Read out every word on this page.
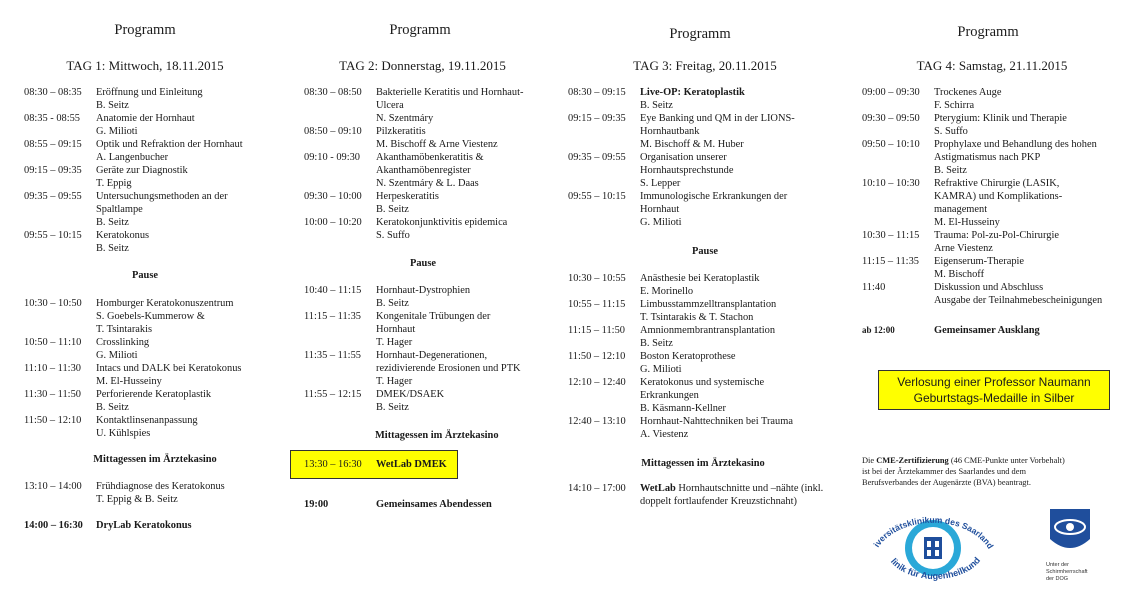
Programm
TAG 1: Mittwoch, 18.11.2015
08:30 – 08:35	Eröffnung und Einleitung
B. Seitz
08:35 - 08:55	Anatomie der Hornhaut
G. Milioti
08:55 – 09:15	Optik und Refraktion der Hornhaut
A. Langenbucher
09:15 – 09:35	Geräte zur Diagnostik
T. Eppig
09:35 – 09:55	Untersuchungsmethoden an der
Spaltlampe
B. Seitz
09:55 – 10:15	Keratokonus
B. Seitz
Pause
10:30 – 10:50	Homburger Keratokonuszentrum
S. Goebels-Kummerow &
T. Tsintarakis
10:50 – 11:10	Crosslinking
G. Milioti
11:10 – 11:30	Intacs und DALK bei Keratokonus
M. El-Husseiny
11:30 – 11:50	Perforierende Keratoplastik
B. Seitz
11:50 – 12:10	Kontaktlinsenanpassung
U. Kühlspies
Mittagessen im Ärztekasino
13:10 – 14:00	Frühdiagnose des Keratokonus
T. Eppig & B. Seitz
14:00 – 16:30	DryLab Keratokonus
Programm
TAG 2: Donnerstag, 19.11.2015
08:30 – 08:50	Bakterielle Keratitis und Hornhaut-
Ulcera
N. Szentmáry
08:50 – 09:10	Pilzkeratitis
M. Bischoff & Arne Viestenz
09:10 - 09:30	Akanthamöbenkeratitis &
Akanthamöbenregister
N. Szentmáry & L. Daas
09:30 – 10:00	Herpeskeratitis
B. Seitz
10:00 – 10:20	Keratokonjunktivitis epidemica
S. Suffo
Pause
10:40 – 11:15	Hornhaut-Dystrophien
B. Seitz
11:15 – 11:35	Kongenitale Trübungen der
Hornhaut
T. Hager
11:35 – 11:55	Hornhaut-Degenerationen,
rezidivierende Erosionen und PTK
T. Hager
11:55 – 12:15	DMEK/DSAEK
B. Seitz
Mittagessen im Ärztekasino
13:30 – 16:30	WetLab DMEK
19:00	Gemeinsames Abendessen
Programm
TAG 3: Freitag, 20.11.2015
08:30 – 09:15	Live-OP: Keratoplastik
B. Seitz
09:15 – 09:35	Eye Banking und QM in der LIONS-
Hornhautbank
M. Bischoff & M. Huber
09:35 – 09:55	Organisation unserer
Hornhautsprechstunde
S. Lepper
09:55 – 10:15	Immunologische Erkrankungen der
Hornhaut
G. Milioti
Pause
10:30 – 10:55	Anästhesie bei Keratoplastik
E. Morinello
10:55 – 11:15	Limbusstammzelltransplantation
T. Tsintarakis & T. Stachon
11:15 – 11:50	Amnionmembrantransplantation
B. Seitz
11:50 – 12:10	Boston Keratoprothese
G. Milioti
12:10 – 12:40	Keratokonus und systemische
Erkrankungen
B. Käsmann-Kellner
12:40 – 13:10	Hornhaut-Nahttechniken bei Trauma
A. Viestenz
Mittagessen im Ärztekasino
14:10 – 17:00	WetLab Hornhautschnitte und –nähte (inkl.
doppelt fortlaufender Kreuzstichnaht)
Programm
TAG 4: Samstag, 21.11.2015
09:00 – 09:30	Trockenes Auge
F. Schirra
09:30 – 09:50	Pterygium: Klinik und Therapie
S. Suffo
09:50 – 10:10	Prophylaxe und Behandlung des hohen
Astigmatismus nach PKP
B. Seitz
10:10 – 10:30	Refraktive Chirurgie (LASIK,
KAMRA) und Komplikations-
management
M. El-Husseiny
10:30 – 11:15	Trauma: Pol-zu-Pol-Chirurgie
Arne Viestenz
11:15 – 11:35	Eigenserum-Therapie
M. Bischoff
11:40	Diskussion und Abschluss
Ausgabe der Teilnahmebescheinigungen
ab 12:00	Gemeinsamer Ausklang
Verlosung einer Professor Naumann
Geburtstags-Medaille in Silber
Die CME-Zertifizierung (46 CME-Punkte unter Vorbehalt)
ist bei der Ärztekammer des Saarlandes und dem
Berufsverbandes der Augenärzte (BVA) beantragt.
iversitätsklinikum des Saarland
linik für Augenheilkund	Unter der
Schirmherrschaft
der DOG
